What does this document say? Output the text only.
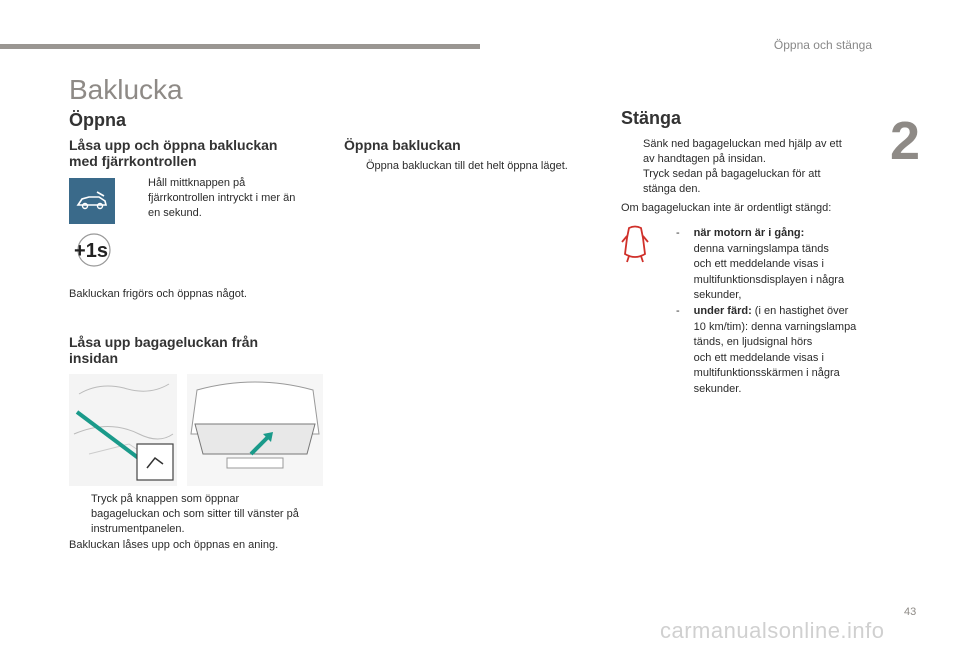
Öppna och stänga
2
Baklucka
Öppna
Låsa upp och öppna bakluckan
med fjärrkontrollen
Håll mittknappen på
fjärrkontrollen intryckt i mer än
en sekund.
+1s

Bakluckan frigörs och öppnas något.

Låsa upp bagageluckan från
insidan
Tryck på knappen som öppnar
bagageluckan och som sitter till vänster på
instrumentpanelen.

Bakluckan låses upp och öppnas en aning.

Öppna bakluckan
Öppna bakluckan till det helt öppna läget.
Stänga
Sänk ned bagageluckan med hjälp av ett
av handtagen på insidan.
Tryck sedan på bagageluckan för att
stänga den.

Om bagageluckan inte är ordentligt stängd:

- när motorn är i gång:
denna varningslampa tänds
och ett meddelande visas i
multifunktionsdisplayen i några
sekunder,
- under färd: (i en hastighet över
10 km/tim): denna varningslampa
tänds, en ljudsignal hörs
och ett meddelande visas i
multifunktionsskärmen i några
sekunder.
43
carmanualsonline.info
